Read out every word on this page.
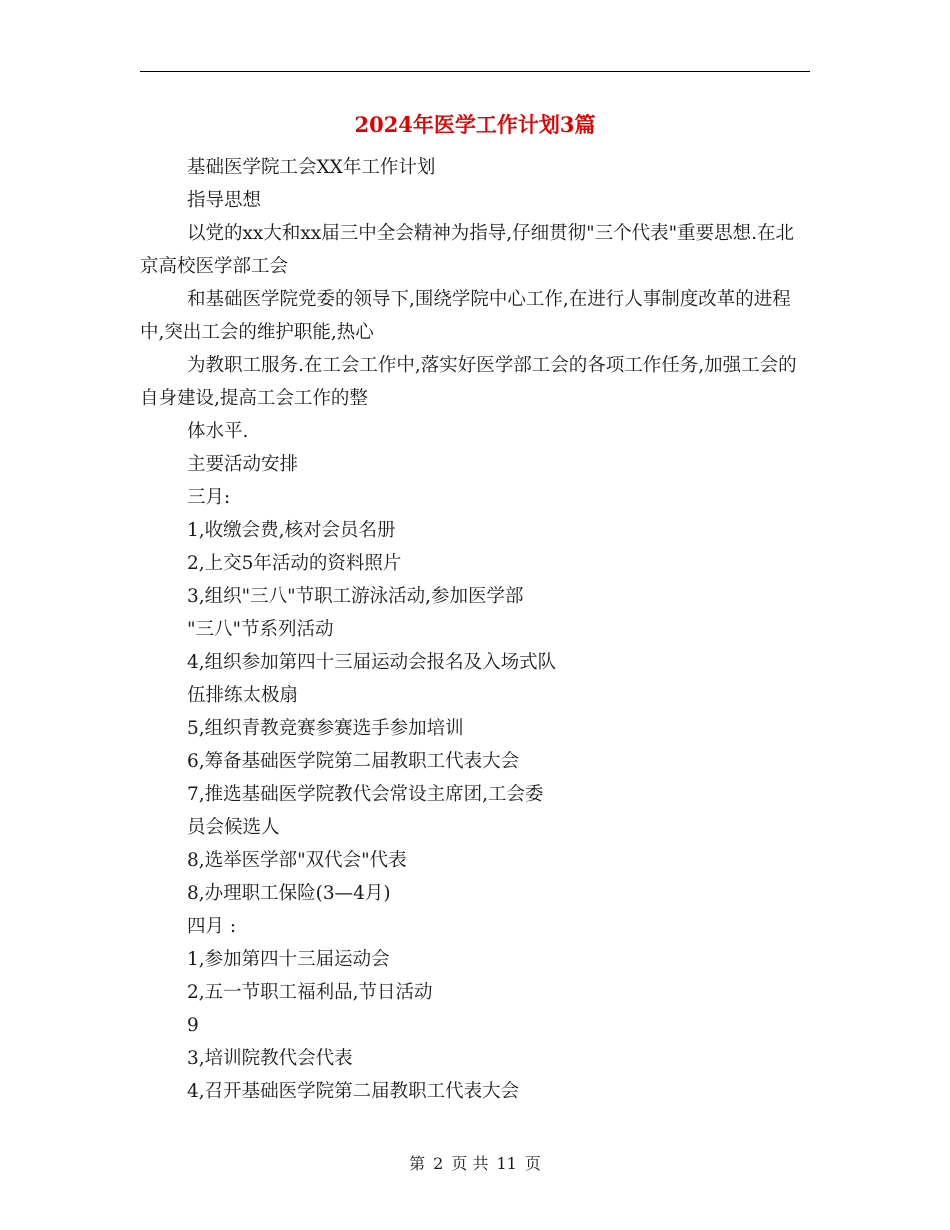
2024年医学工作计划3篇

基础医学院工会XX年工作计划

指导思想

以党的xx大和xx届三中全会精神为指导,仔细贯彻"三个代表"重要思想.在北京高校医学部工会

和基础医学院党委的领导下,围绕学院中心工作,在进行人事制度改革的进程中,突出工会的维护职能,热心

为教职工服务.在工会工作中,落实好医学部工会的各项工作任务,加强工会的自身建设,提高工会工作的整

体水平.

主要活动安排

三月:

1,收缴会费,核对会员名册

2,上交5年活动的资料照片

3,组织"三八"节职工游泳活动,参加医学部

"三八"节系列活动

4,组织参加第四十三届运动会报名及入场式队

伍排练太极扇

5,组织青教竞赛参赛选手参加培训

6,筹备基础医学院第二届教职工代表大会

7,推选基础医学院教代会常设主席团,工会委

员会候选人

8,选举医学部"双代会"代表

8,办理职工保险(3—4月)

四月 :

1,参加第四十三届运动会

2,五一节职工福利品,节日活动

9

3,培训院教代会代表

4,召开基础医学院第二届教职工代表大会

第 2 页 共 11 页
